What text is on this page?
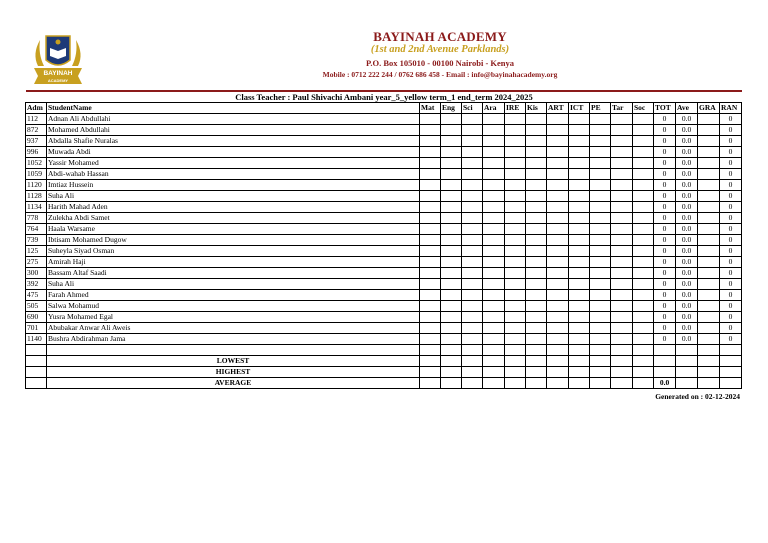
BAYINAH
ACADEMY
BAYINAH ACADEMY
(1st and 2nd Avenue Parklands)
P.O. Box 105010 - 00100 Nairobi - Kenya
Mobile : 0712 222 244 / 0762 686 458 - Email : info@bayinahacademy.org
Class Teacher : Paul Shivachi Ambani year_5_yellow term_1 end_term 2024_2025
Adm	StudentName	Mat	Eng	Sci	Ara	IRE	Kis	ART	ICT	PE	Tar	Soc	TOT	Ave	GRA	RAN
112	Adnan Ali Abdullahi												0	0.0		0
872	Mohamed Abdullahi												0	0.0		0
937	Abdalla Shafie Nuralas												0	0.0		0
996	Muwada Abdi												0	0.0		0
1052	Yassir Mohamed												0	0.0		0
1059	Abdi-wahab Hassan												0	0.0		0
1120	Imtiaz Hussein												0	0.0		0
1128	Suha Ali												0	0.0		0
1134	Harith Mahad Aden												0	0.0		0
778	Zulekha Abdi Samet												0	0.0		0
764	Haala Warsame												0	0.0		0
739	Ibtisam Mohamed Dugow												0	0.0		0
125	Suheyla Siyad Osman												0	0.0		0
275	Amirah Haji												0	0.0		0
300	Bassam Altaf Saadi												0	0.0		0
392	Suha Ali												0	0.0		0
475	Farah Ahmed												0	0.0		0
505	Salwa Mohamud												0	0.0		0
690	Yusra Mohamed Egal												0	0.0		0
701	Abubakar Anwar Ali Aweis												0	0.0		0
1140	Bushra Abdirahman Jama												0	0.0		0

	LOWEST															
	HIGHEST															
	AVERAGE												0.0			
Generated on : 02-12-2024
